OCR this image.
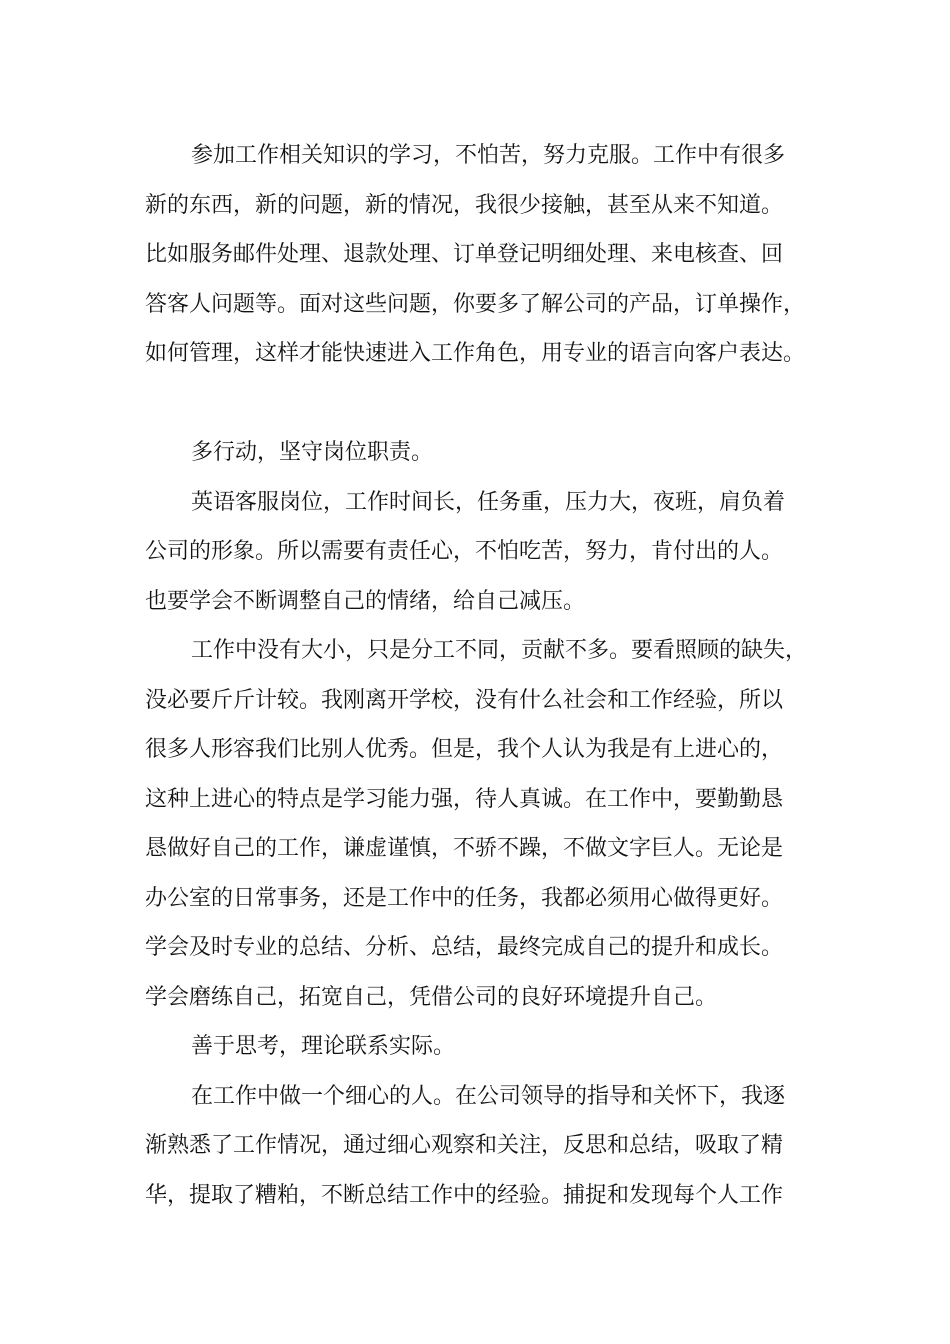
参加工作相关知识的学习，不怕苦，努力克服。工作中有很多
新的东西，新的问题，新的情况，我很少接触，甚至从来不知道。
比如服务邮件处理、退款处理、订单登记明细处理、来电核查、回
答客人问题等。面对这些问题，你要多了解公司的产品，订单操作，
如何管理，这样才能快速进入工作角色，用专业的语言向客户表达。
多行动，坚守岗位职责。
英语客服岗位，工作时间长，任务重，压力大，夜班，肩负着
公司的形象。所以需要有责任心，不怕吃苦，努力，肯付出的人。
也要学会不断调整自己的情绪，给自己减压。
工作中没有大小，只是分工不同，贡献不多。要看照顾的缺失，
没必要斤斤计较。我刚离开学校，没有什么社会和工作经验，所以
很多人形容我们比别人优秀。但是，我个人认为我是有上进心的，
这种上进心的特点是学习能力强，待人真诚。在工作中，要勤勤恳
恳做好自己的工作，谦虚谨慎，不骄不躁，不做文字巨人。无论是
办公室的日常事务，还是工作中的任务，我都必须用心做得更好。
学会及时专业的总结、分析、总结，最终完成自己的提升和成长。
学会磨练自己，拓宽自己，凭借公司的良好环境提升自己。
善于思考，理论联系实际。
在工作中做一个细心的人。在公司领导的指导和关怀下，我逐
渐熟悉了工作情况，通过细心观察和关注，反思和总结，吸取了精
华，提取了糟粕，不断总结工作中的经验。捕捉和发现每个人工作
